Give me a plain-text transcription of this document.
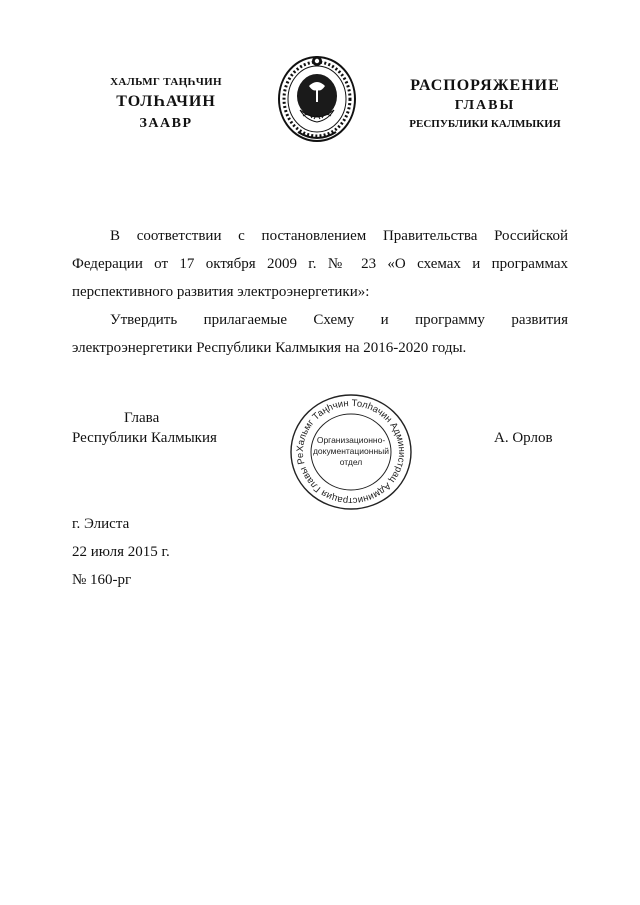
ХАЛЬМГ ТАҢҺЧИН
ТОЛҺАЧИН
ЗААВР
РАСПОРЯЖЕНИЕ
ГЛАВЫ
РЕСПУБЛИКИ КАЛМЫКИЯ

В соответствии с постановлением Правительства Российской Федерации от 17 октября 2009 г. № 23 «О схемах и программах перспективного развития электроэнергетики»:

Утвердить прилагаемые Схему и программу развития электроэнергетики Республики Калмыкия на 2016-2020 годы.

Глава
Республики Калмыкия
Хальмг Таңһчин Толһачин Администрац Администрация Главы Ре
Организационно-
документационный
отдел
А. Орлов
г. Элиста
22 июля 2015 г.
№ 160-рг
